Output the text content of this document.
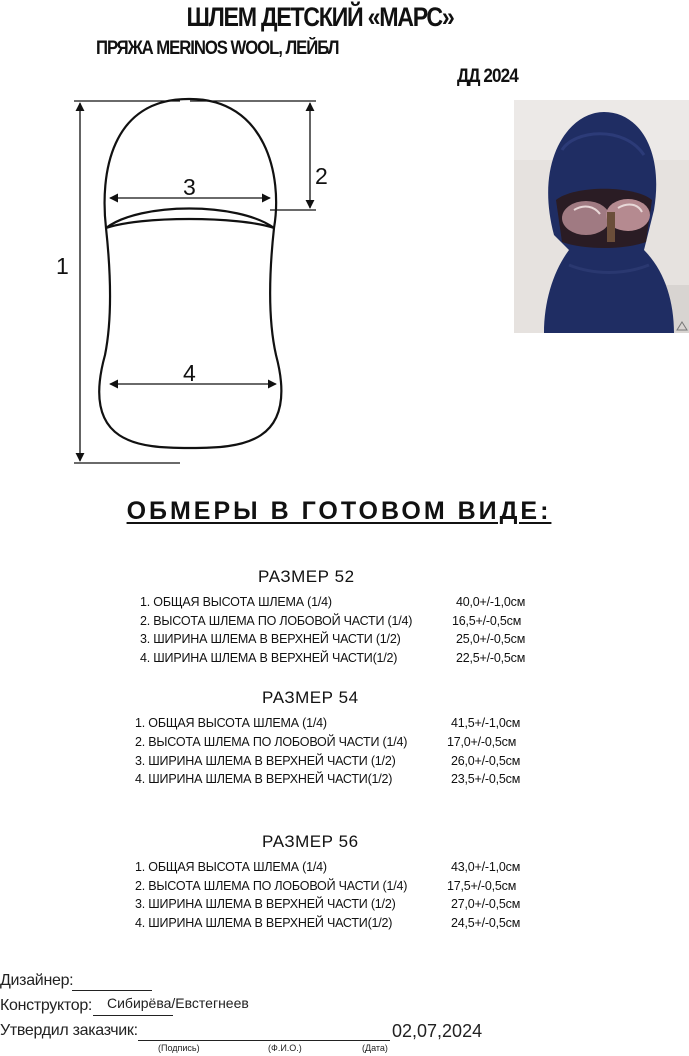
ШЛЕМ ДЕТСКИЙ «МАРС»
ПРЯЖА MERINOS WOOL, ЛЕЙБЛ
ДД 2024
1
2
3
4
ОБМЕРЫ В ГОТОВОМ ВИДЕ:
РАЗМЕР 52
1. ОБЩАЯ ВЫСОТА ШЛЕМА (1/4)	40,0+/-1,0см
2. ВЫСОТА ШЛЕМА ПО ЛОБОВОЙ ЧАСТИ (1/4)	16,5+/-0,5см
3. ШИРИНА ШЛЕМА В ВЕРХНЕЙ ЧАСТИ (1/2)	25,0+/-0,5см
4. ШИРИНА ШЛЕМА В ВЕРХНЕЙ ЧАСТИ(1/2)	22,5+/-0,5см
РАЗМЕР 54
1. ОБЩАЯ ВЫСОТА ШЛЕМА (1/4)	41,5+/-1,0см
2. ВЫСОТА ШЛЕМА ПО ЛОБОВОЙ ЧАСТИ (1/4)	17,0+/-0,5см
3. ШИРИНА ШЛЕМА В ВЕРХНЕЙ ЧАСТИ (1/2)	26,0+/-0,5см
4. ШИРИНА ШЛЕМА В ВЕРХНЕЙ ЧАСТИ(1/2)	23,5+/-0,5см
РАЗМЕР 56
1. ОБЩАЯ ВЫСОТА ШЛЕМА (1/4)	43,0+/-1,0см
2. ВЫСОТА ШЛЕМА ПО ЛОБОВОЙ ЧАСТИ (1/4)	17,5+/-0,5см
3. ШИРИНА ШЛЕМА В ВЕРХНЕЙ ЧАСТИ (1/2)	27,0+/-0,5см
4. ШИРИНА ШЛЕМА В ВЕРХНЕЙ ЧАСТИ(1/2)	24,5+/-0,5см
Дизайнер:
Конструктор: Сибирёва/Евстегнеев
Утвердил заказчик:	02,07,2024
(Подпись)	(Ф.И.О.)	(Дата)
